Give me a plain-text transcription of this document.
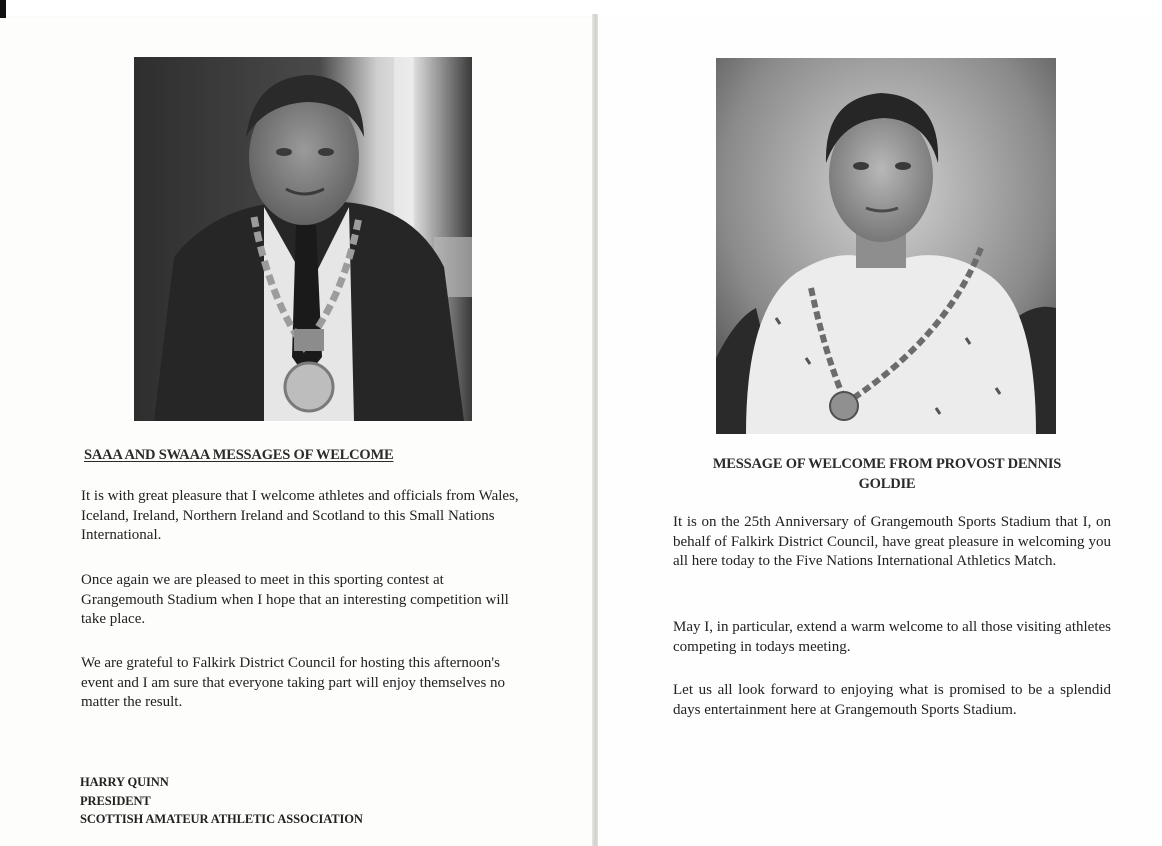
SAAA AND SWAAA MESSAGES OF WELCOME

It is with great pleasure that I welcome athletes and officials from Wales, Iceland, Ireland, Northern Ireland and Scotland to this Small Nations International.

Once again we are pleased to meet in this sporting contest at Grangemouth Stadium when I hope that an interesting competition will take place.

We are grateful to Falkirk District Council for hosting this afternoon's event and I am sure that everyone taking part will enjoy themselves no matter the result.

HARRY QUINN
PRESIDENT
SCOTTISH AMATEUR ATHLETIC ASSOCIATION
MESSAGE OF WELCOME FROM PROVOST DENNIS
GOLDIE

It is on the 25th Anniversary of Grangemouth Sports Stadium that I, on behalf of Falkirk District Council, have great pleasure in welcoming you all here today to the Five Nations International Athletics Match.

May I, in particular, extend a warm welcome to all those visiting athletes competing in todays meeting.

Let us all look forward to enjoying what is promised to be a splendid days entertainment here at Grangemouth Sports Stadium.
